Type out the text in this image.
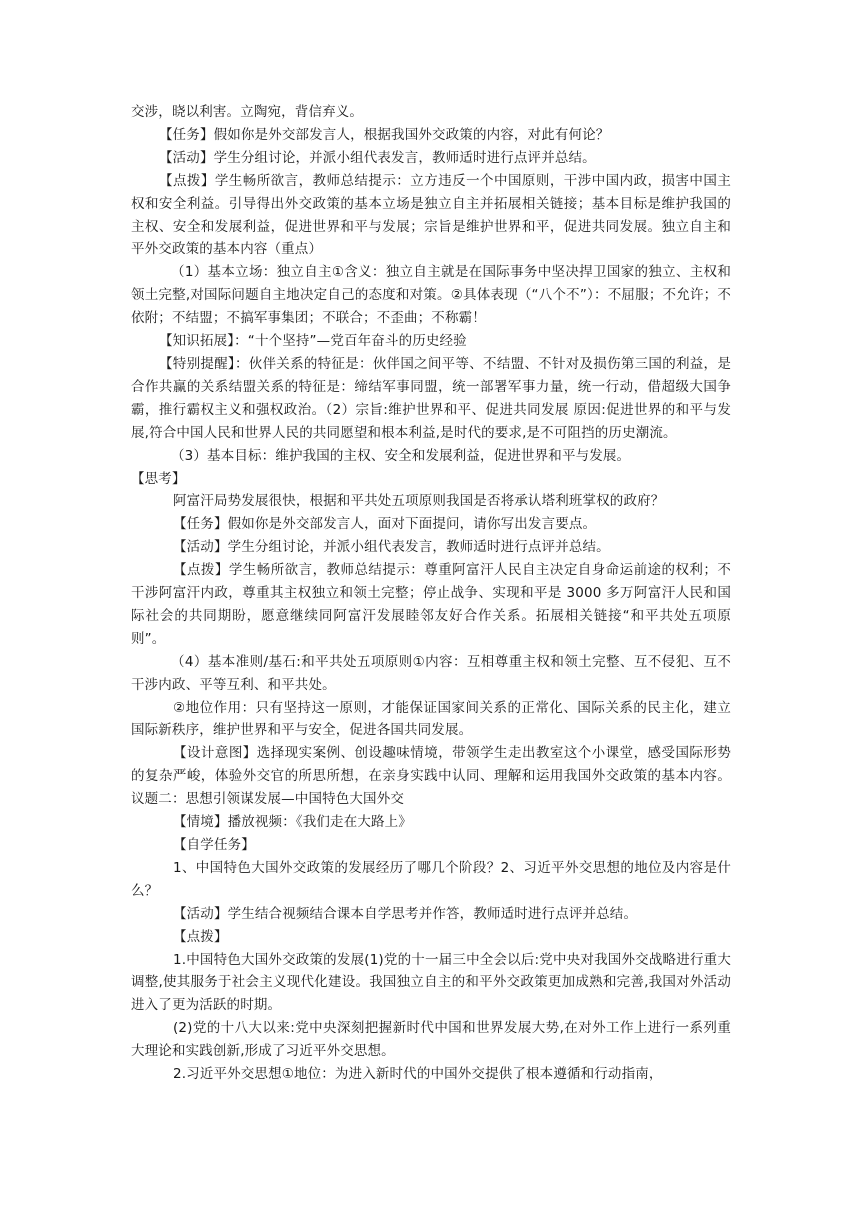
交涉，晓以利害。立陶宛，背信弃义。

【任务】假如你是外交部发言人，根据我国外交政策的内容，对此有何论？

【活动】学生分组讨论，并派小组代表发言，教师适时进行点评并总结。

【点拨】学生畅所欲言，教师总结提示：立方违反一个中国原则，干涉中国内政，损害中国主权和安全利益。引导得出外交政策的基本立场是独立自主并拓展相关链接；基本目标是维护我国的主权、安全和发展利益，促进世界和平与发展；宗旨是维护世界和平，促进共同发展。独立自主和平外交政策的基本内容（重点）

（1）基本立场：独立自主①含义：独立自主就是在国际事务中坚决捍卫国家的独立、主权和领土完整,对国际问题自主地决定自己的态度和对策。②具体表现（“八个不”）：不屈服；不允许；不依附；不结盟；不搞军事集团；不联合；不歪曲；不称霸！

【知识拓展】：“十个坚持”—党百年奋斗的历史经验

【特别提醒】：伙伴关系的特征是：伙伴国之间平等、不结盟、不针对及损伤第三国的利益，是合作共赢的关系结盟关系的特征是：缔结军事同盟，统一部署军事力量，统一行动，借超级大国争霸，推行霸权主义和强权政治。（2）宗旨:维护世界和平、促进共同发展 原因:促进世界的和平与发展,符合中国人民和世界人民的共同愿望和根本利益,是时代的要求,是不可阻挡的历史潮流。

（3）基本目标：维护我国的主权、安全和发展利益，促进世界和平与发展。

【思考】

阿富汗局势发展很快，根据和平共处五项原则我国是否将承认塔利班掌权的政府？

【任务】假如你是外交部发言人，面对下面提问，请你写出发言要点。

【活动】学生分组讨论，并派小组代表发言，教师适时进行点评并总结。

【点拨】学生畅所欲言，教师总结提示：尊重阿富汗人民自主决定自身命运前途的权利；不干涉阿富汗内政，尊重其主权独立和领土完整；停止战争、实现和平是 3000 多万阿富汗人民和国际社会的共同期盼，愿意继续同阿富汗发展睦邻友好合作关系。拓展相关链接“和平共处五项原则”。

（4）基本准则/基石:和平共处五项原则①内容：互相尊重主权和领土完整、互不侵犯、互不干涉内政、平等互利、和平共处。

②地位作用：只有坚持这一原则，才能保证国家间关系的正常化、国际关系的民主化，建立国际新秩序，维护世界和平与安全，促进各国共同发展。

【设计意图】选择现实案例、创设趣味情境，带领学生走出教室这个小课堂，感受国际形势的复杂严峻，体验外交官的所思所想，在亲身实践中认同、理解和运用我国外交政策的基本内容。议题二：思想引领谋发展—中国特色大国外交

【情境】播放视频：《我们走在大路上》

【自学任务】

1、中国特色大国外交政策的发展经历了哪几个阶段？2、习近平外交思想的地位及内容是什么？

【活动】学生结合视频结合课本自学思考并作答，教师适时进行点评并总结。

【点拨】

1.中国特色大国外交政策的发展(1)党的十一届三中全会以后:党中央对我国外交战略进行重大调整,使其服务于社会主义现代化建设。我国独立自主的和平外交政策更加成熟和完善,我国对外活动进入了更为活跃的时期。

(2)党的十八大以来:党中央深刻把握新时代中国和世界发展大势,在对外工作上进行一系列重大理论和实践创新,形成了习近平外交思想。

2.习近平外交思想①地位：为进入新时代的中国外交提供了根本遵循和行动指南，
